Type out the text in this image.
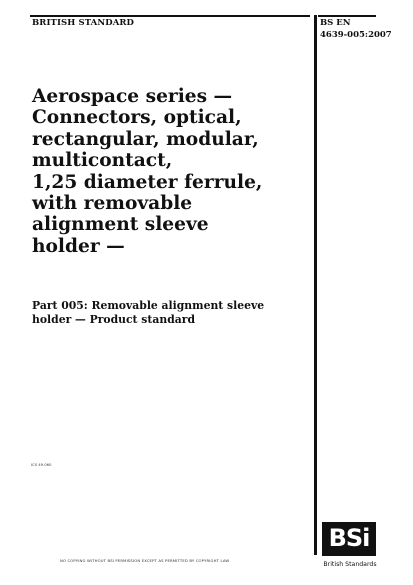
BRITISH STANDARD	BS EN
4639-005:2007
Aerospace series —
Connectors, optical,
rectangular, modular,
multicontact,
1,25 diameter ferrule,
with removable
alignment sleeve
holder —
Part 005: Removable alignment sleeve
holder — Product standard
ICS 49.060
NO COPYING WITHOUT BSI PERMISSION EXCEPT AS PERMITTED BY COPYRIGHT LAW
BSi
British Standards
